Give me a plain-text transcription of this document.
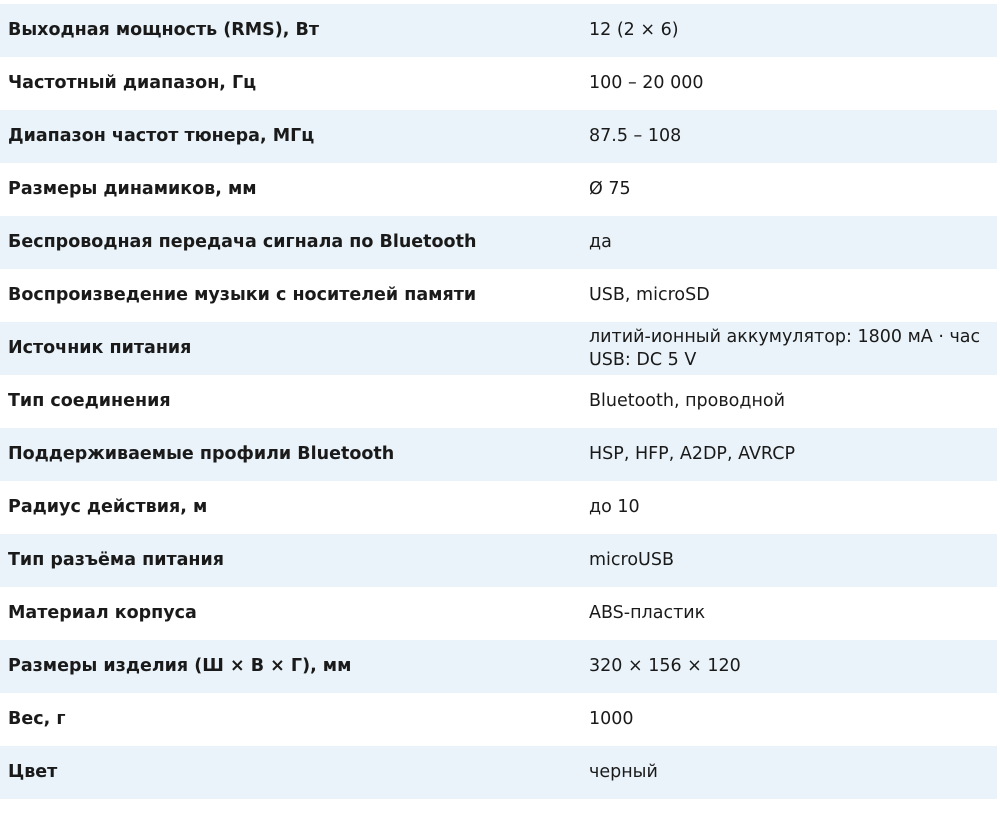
Выходная мощность (RMS), Вт	12 (2 × 6)

Частотный диапазон, Гц	100 – 20 000

Диапазон частот тюнера, МГц	87.5 – 108

Размеры динамиков, мм	Ø 75

Беспроводная передача сигнала по Bluetooth	да

Воспроизведение музыки с носителей памяти	USB, microSD

Источник питания	литий-ионный аккумулятор: 1800 мА · час
USB: DC 5 V

Тип соединения	Bluetooth, проводной

Поддерживаемые профили Bluetooth	HSP, HFP, A2DP, AVRCP

Радиус действия, м	до 10

Тип разъёма питания	microUSB

Материал корпуса	ABS-пластик

Размеры изделия (Ш × В × Г), мм	320 × 156 × 120

Вес, г	1000

Цвет	черный
